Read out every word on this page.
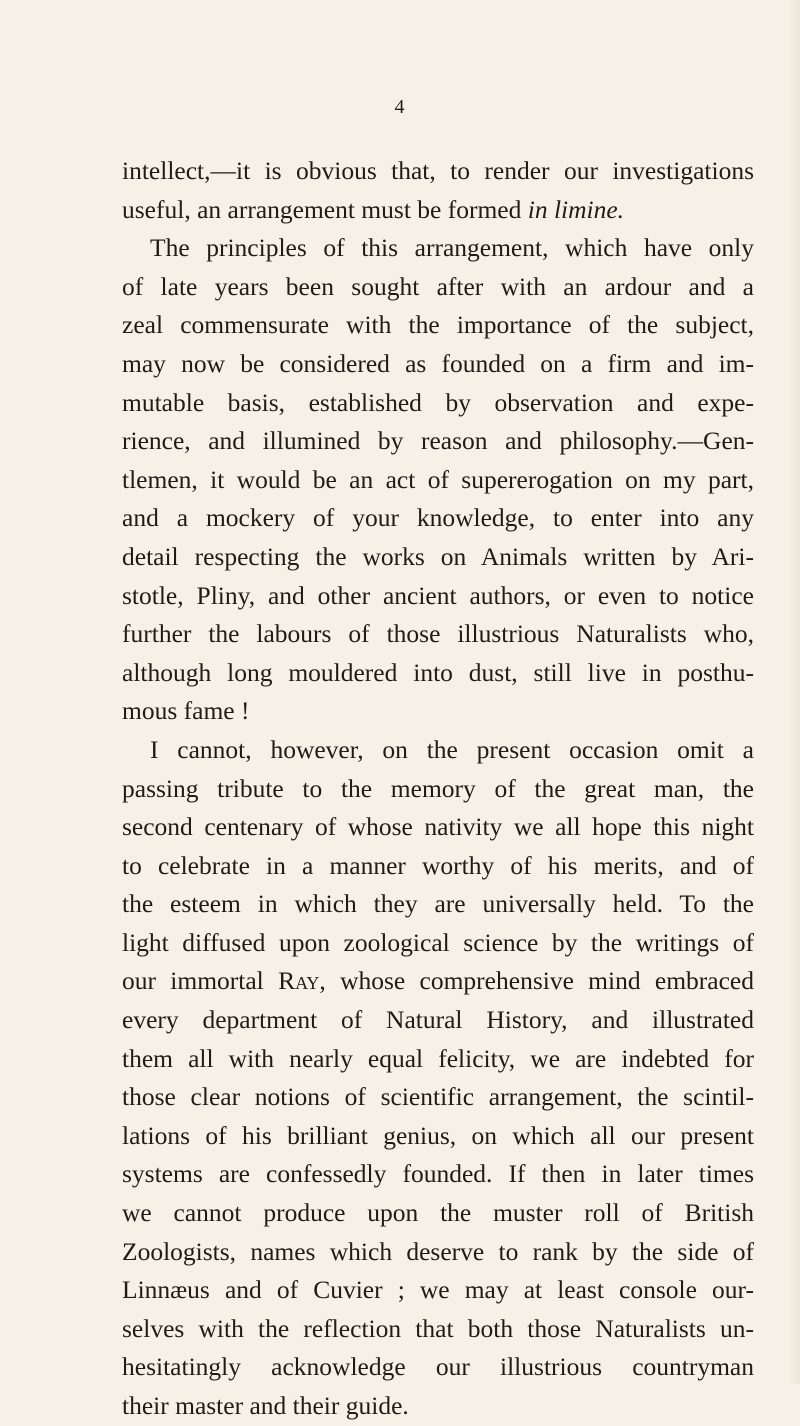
4
intellect,—it is obvious that, to render our investigations
useful, an arrangement must be formed in limine.
The principles of this arrangement, which have only
of late years been sought after with an ardour and a
zeal commensurate with the importance of the subject,
may now be considered as founded on a firm and im-
mutable basis, established by observation and expe-
rience, and illumined by reason and philosophy.—Gen-
tlemen, it would be an act of supererogation on my part,
and a mockery of your knowledge, to enter into any
detail respecting the works on Animals written by Ari-
stotle, Pliny, and other ancient authors, or even to notice
further the labours of those illustrious Naturalists who,
although long mouldered into dust, still live in posthu-
mous fame !
I cannot, however, on the present occasion omit a
passing tribute to the memory of the great man, the
second centenary of whose nativity we all hope this night
to celebrate in a manner worthy of his merits, and of
the esteem in which they are universally held. To the
light diffused upon zoological science by the writings of
our immortal Ray, whose comprehensive mind embraced
every department of Natural History, and illustrated
them all with nearly equal felicity, we are indebted for
those clear notions of scientific arrangement, the scintil-
lations of his brilliant genius, on which all our present
systems are confessedly founded. If then in later times
we cannot produce upon the muster roll of British
Zoologists, names which deserve to rank by the side of
Linnæus and of Cuvier ; we may at least console our-
selves with the reflection that both those Naturalists un-
hesitatingly acknowledge our illustrious countryman
their master and their guide.
